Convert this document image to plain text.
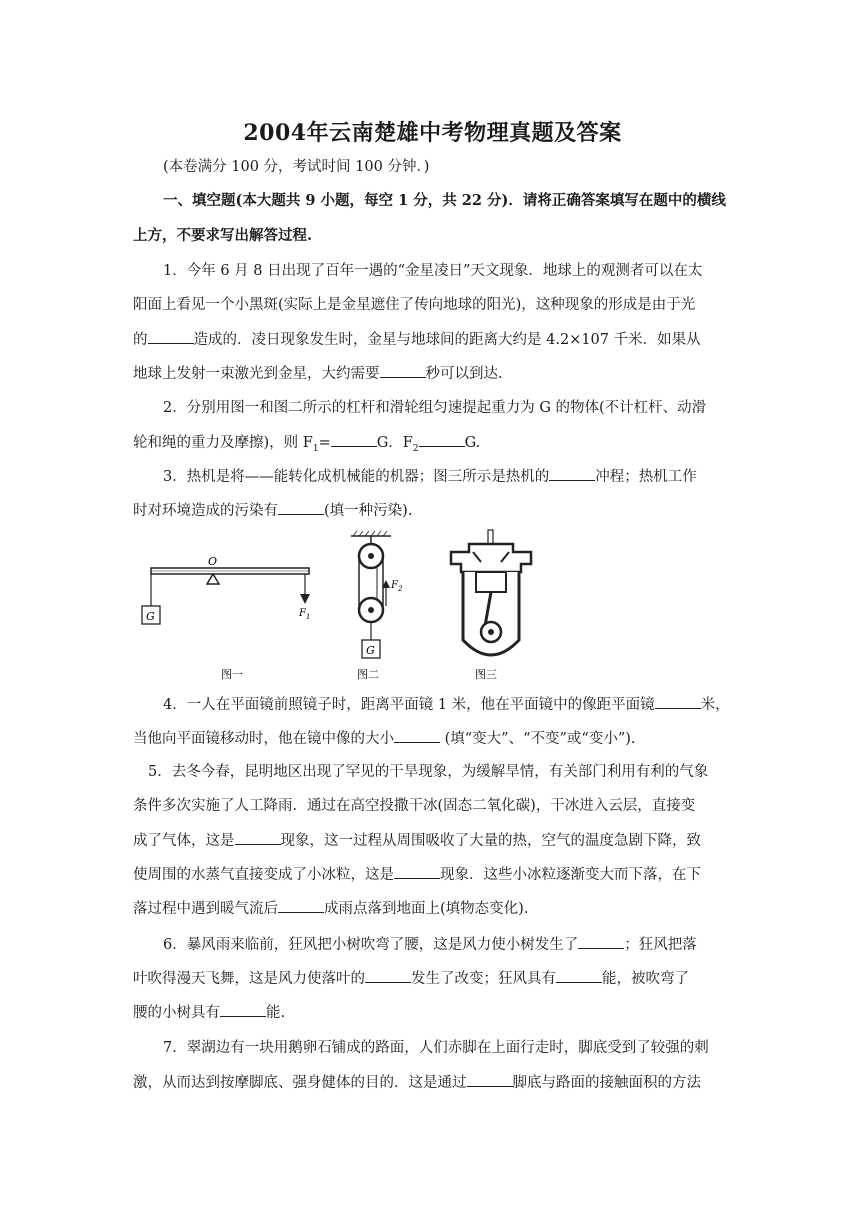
2004年云南楚雄中考物理真题及答案
(本卷满分 100 分，考试时间 100 分钟．)
一、填空题(本大题共 9 小题，每空 1 分，共 22 分)．请将正确答案填写在题中的横线
上方，不要求写出解答过程.
1．今年 6 月 8 日出现了百年一遇的“金星凌日”天文现象．地球上的观测者可以在太
阳面上看见一个小黑斑(实际上是金星遮住了传向地球的阳光)，这种现象的形成是由于光
的	造成的．凌日现象发生时，金星与地球间的距离大约是 4.2×107 千米．如果从
地球上发射一束激光到金星，大约需要	秒可以到达.
2．分别用图一和图二所示的杠杆和滑轮组匀速提起重力为 G 的物体(不计杠杆、动滑
轮和绳的重力及摩擦)，则 $F_1=$	G．$F_2$	G.
3．热机是将——能转化成机械能的机器；图三所示是热机的	冲程；热机工作
时对环境造成的污染有	(填一种污染).
O
G	$F_1$
图一
$F_2$
G
图二	图三
4．一人在平面镜前照镜子时，距离平面镜 1 米，他在平面镜中的像距平面镜	米，
当他向平面镜移动时，他在镜中像的大小	(填“变大”、“不变”或“变小”).
5．去冬今春，昆明地区出现了罕见的干旱现象，为缓解旱情，有关部门利用有利的气象
条件多次实施了人工降雨．通过在高空投撒干冰(固态二氧化碳)，干冰进入云层，直接变
成了气体，这是	现象，这一过程从周围吸收了大量的热，空气的温度急剧下降，致
使周围的水蒸气直接变成了小冰粒，这是	现象．这些小冰粒逐渐变大而下落，在下
落过程中遇到暖气流后	成雨点落到地面上(填物态变化).
6．暴风雨来临前，狂风把小树吹弯了腰，这是风力使小树发生了	；狂风把落
叶吹得漫天飞舞，这是风力使落叶的	发生了改变；狂风具有	能，被吹弯了
腰的小树具有	能.
7．翠湖边有一块用鹅卵石铺成的路面，人们赤脚在上面行走时，脚底受到了较强的刺
激，从而达到按摩脚底、强身健体的目的．这是通过	脚底与路面的接触面积的方法
